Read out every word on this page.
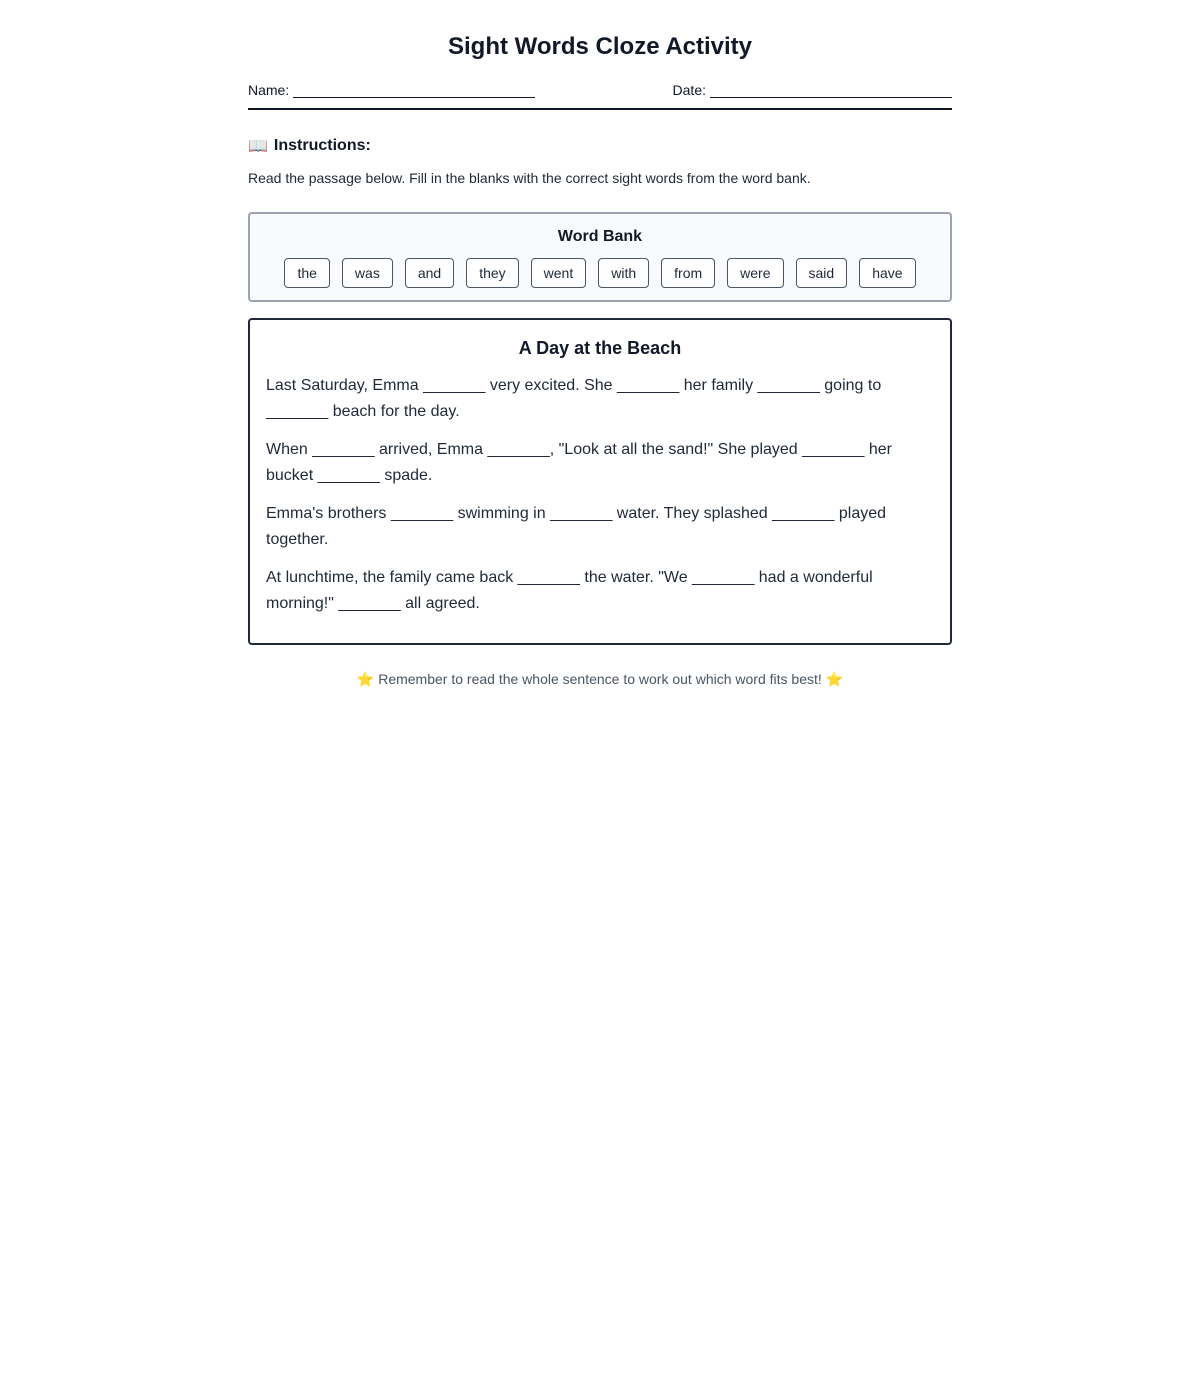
Sight Words Cloze Activity
Name:	Date:
📖 Instructions:
Read the passage below. Fill in the blanks with the correct sight words from the word bank.
Word Bank
the	was	and	they	went	with	from	were	said	have
A Day at the Beach

Last Saturday, Emma _______ very excited. She _______ her family _______ going to _______ beach for the day.

When _______ arrived, Emma _______, "Look at all the sand!" She played _______ her bucket _______ spade.

Emma's brothers _______ swimming in _______ water. They splashed _______ played together.

At lunchtime, the family came back _______ the water. "We _______ had a wonderful morning!" _______ all agreed.

⭐ Remember to read the whole sentence to work out which word fits best! ⭐
